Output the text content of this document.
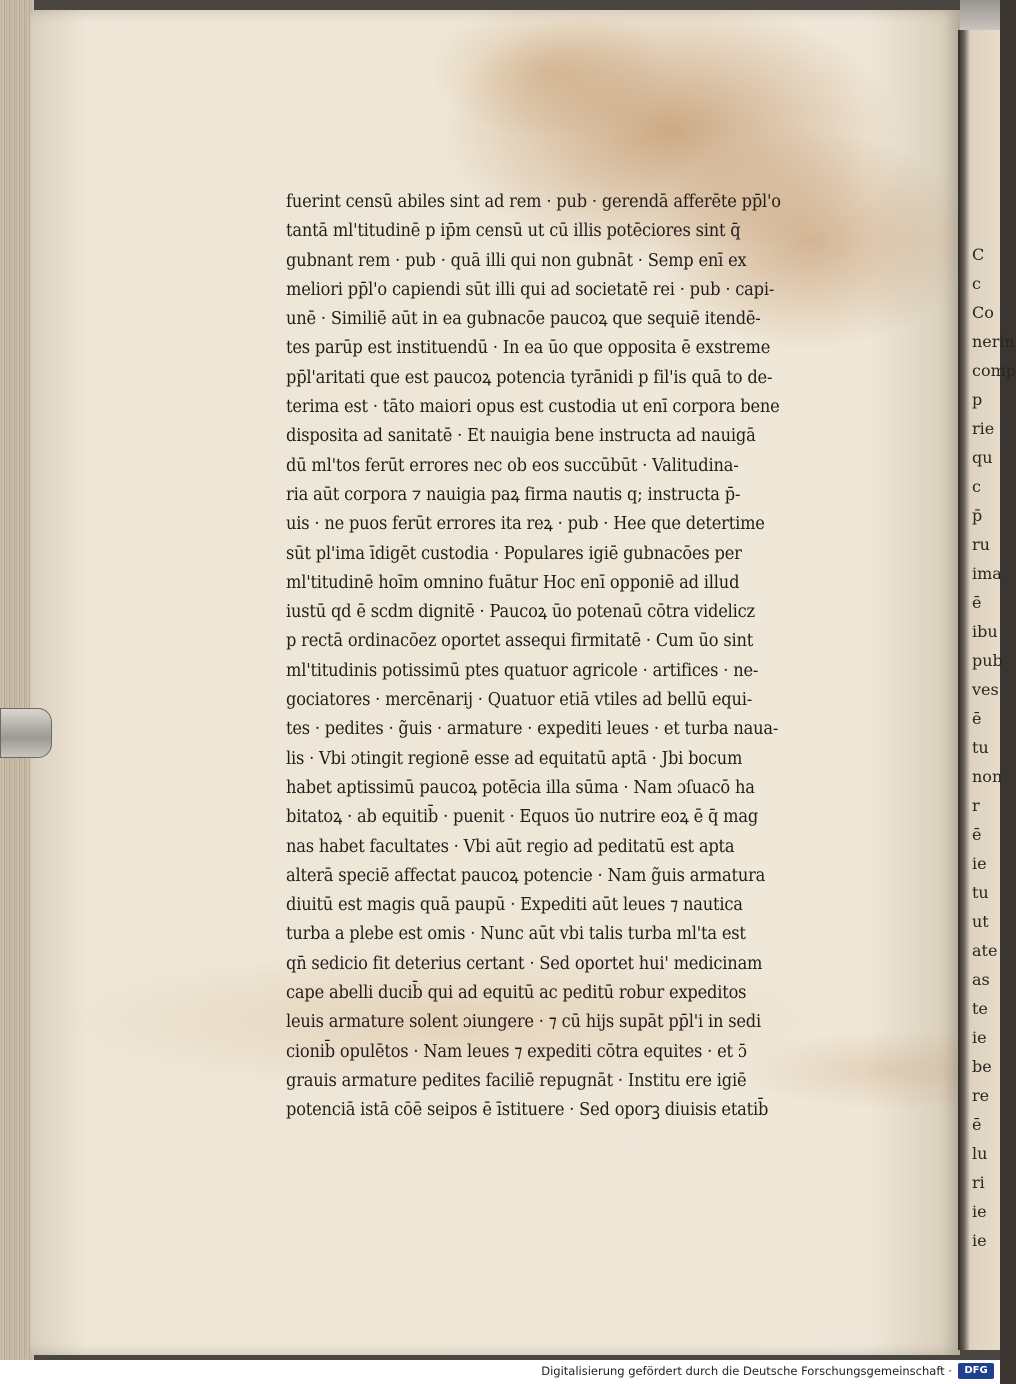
C
c
Co
nerin
comp
p
rie
qu
c
p̄
ru
ima
ē
ibu
pub
ves
ē
tu
non
r
ē
ie
tu
ut
ate
as
te
ie
be
re
ē
lu
ri
ie
ie
fuerint censū abiles sint ad rem · pub · gerendā afferēte pp̄l'o
tantā ml'titudinē p ip̄m censū ut cū illis potēciores sint q̄
gubnant rem · pub · quā illi qui non gubnāt · Semp enī ex
meliori pp̄l'o capiendi sūt illi qui ad societatē rei · pub · capi-
unē · Similiē aūt in ea gubnacōe paucoꝝ que sequiē itendē-
tes parūp est instituendū · In ea ūo que opposita ē exstreme
pp̄l'aritati que est paucoꝝ potencia tyrānidi p fil'is quā to de-
terima est · tāto maiori opus est custodia ut enī corpora bene
disposita ad sanitatē · Et nauigia bene instructa ad nauigā
dū ml'tos ferūt errores nec ob eos succūbūt · Valitudina-
ria aūt corpora ⁊ nauigia paꝝ firma nautis q; instructa p̄-
uis · ne puos ferūt errores ita reꝝ · pub · Hee que detertime
sūt pl'ima īdigēt custodia · Populares igiē gubnacōes per
ml'titudinē hoīm omnino fuātur Hoc enī opponiē ad illud
iustū qd ē scdm dignitē · Paucoꝝ ūo potenaū cōtra videlicz
p rectā ordinacōez oportet assequi firmitatē · Cum ūo sint
ml'titudinis potissimū ptes quatuor agricole · artifices · ne-
gociatores · mercēnarij · Quatuor etiā vtiles ad bellū equi-
tes · pedites · g̃uis · armature · expediti leues · et turba naua-
lis · Vbi ɔtingit regionē esse ad equitatū aptā · Jbi bocum
habet aptissimū paucoꝝ potēcia illa sūma · Nam ɔſuacō ha
bitatoꝝ · ab equitib̄ · puenit · Equos ūo nutrire eoꝝ ē q̄ mag
nas habet facultates · Vbi aūt regio ad peditatū est apta
alterā speciē affectat paucoꝝ potencie · Nam g̃uis armatura
diuitū est magis quā paupū · Expediti aūt leues ⁊ nautica
turba a plebe est omis · Nunc aūt vbi talis turba ml'ta est
qn̄ sedicio fit deterius certant · Sed oportet hui' medicinam
cape abelli ducib̄ qui ad equitū ac peditū robur expeditos
leuis armature solent ɔiungere · ⁊ cū hijs supāt pp̄l'i in sedi
cionib̄ opulētos · Nam leues ⁊ expediti cōtra equites · et ɔ̄
grauis armature pedites faciliē repugnāt · Institu ere igiē
potenciā istā cōē seipos ē īstituere · Sed oporꝫ diuisis etatib̄
Digitalisierung gefördert durch die Deutsche Forschungsgemeinschaft ·	DFG
